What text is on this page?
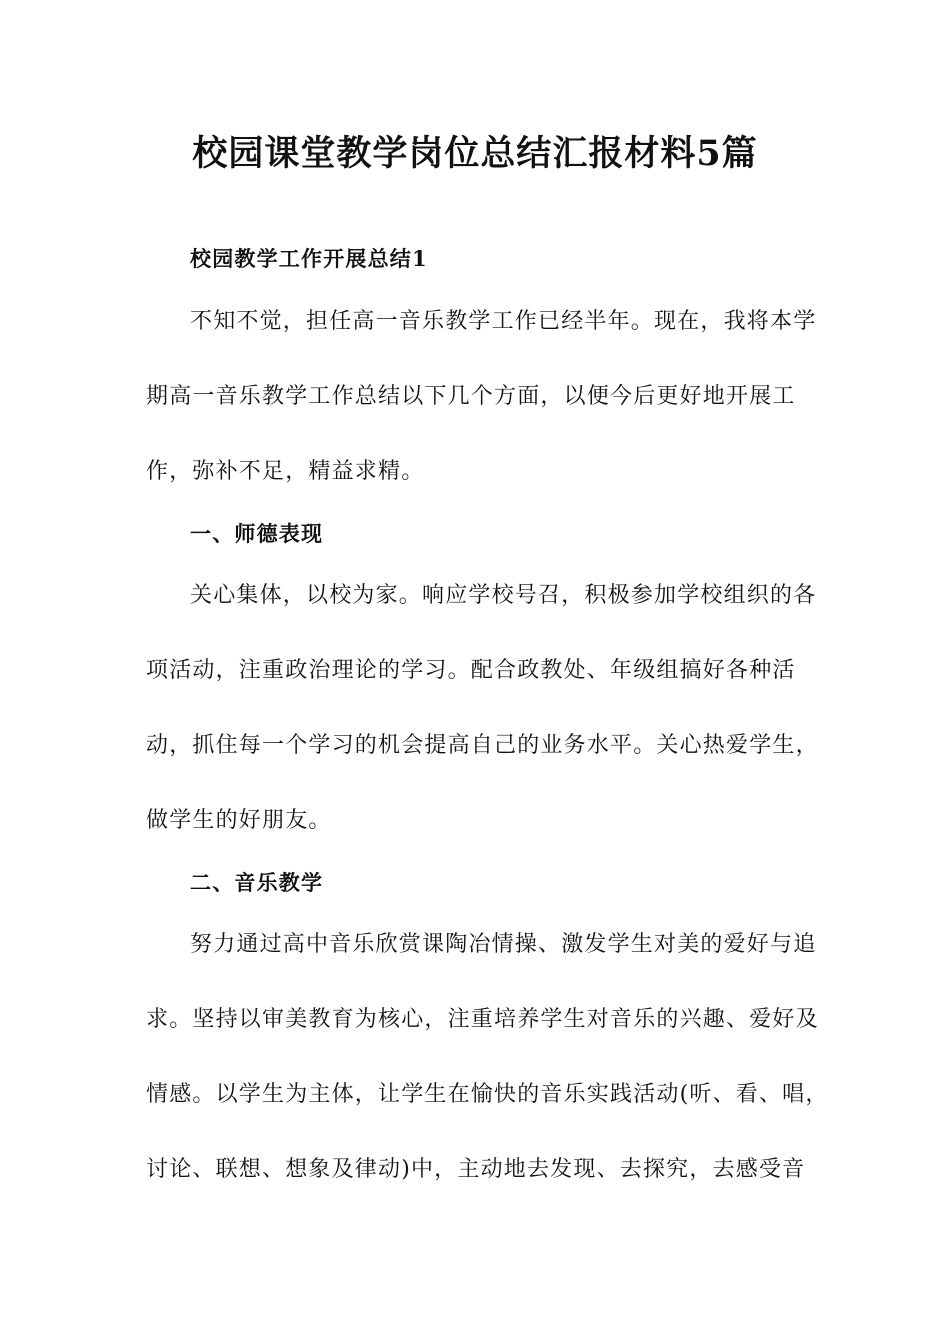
校园课堂教学岗位总结汇报材料5篇
校园教学工作开展总结1
不知不觉，担任高一音乐教学工作已经半年。现在，我将本学
期高一音乐教学工作总结以下几个方面，以便今后更好地开展工
作，弥补不足，精益求精。
一、师德表现
关心集体，以校为家。响应学校号召，积极参加学校组织的各
项活动，注重政治理论的学习。配合政教处、年级组搞好各种活
动，抓住每一个学习的机会提高自己的业务水平。关心热爱学生，
做学生的好朋友。
二、音乐教学
努力通过高中音乐欣赏课陶冶情操、激发学生对美的爱好与追
求。坚持以审美教育为核心，注重培养学生对音乐的兴趣、爱好及
情感。以学生为主体，让学生在愉快的音乐实践活动(听、看、唱，
讨论、联想、想象及律动)中，主动地去发现、去探究，去感受音
